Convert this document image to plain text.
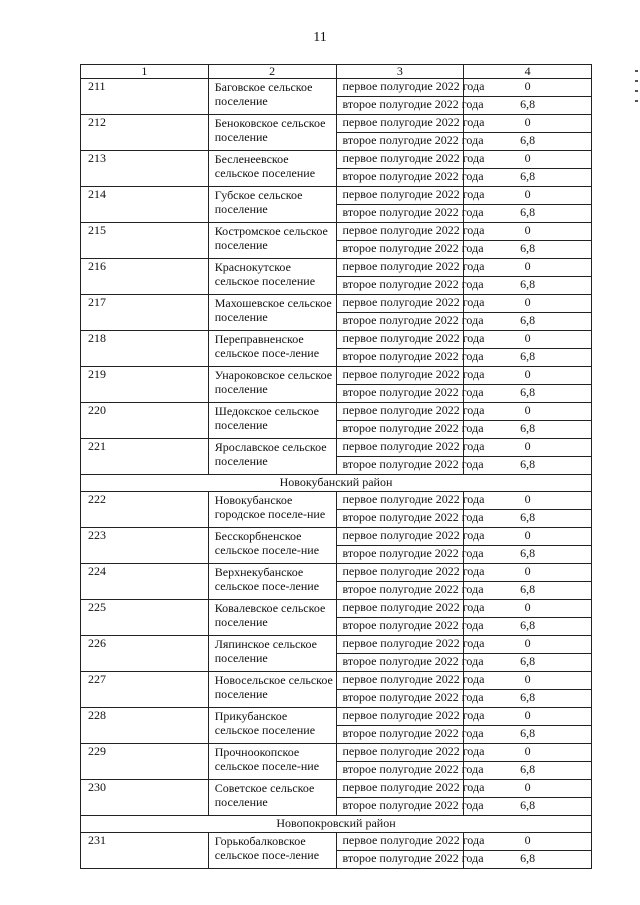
11
1	2	3	4
211	Баговское сельское поселение	первое полугодие 2022 года	0
		второе полугодие 2022 года	6,8
212	Беноковское сельское поселение	первое полугодие 2022 года	0
		второе полугодие 2022 года	6,8
213	Бесленеевское сельское поселение	первое полугодие 2022 года	0
		второе полугодие 2022 года	6,8
214	Губское сельское поселение	первое полугодие 2022 года	0
		второе полугодие 2022 года	6,8
215	Костромское сельское поселение	первое полугодие 2022 года	0
		второе полугодие 2022 года	6,8
216	Краснокутское сельское поселение	первое полугодие 2022 года	0
		второе полугодие 2022 года	6,8
217	Махошевское сельское поселение	первое полугодие 2022 года	0
		второе полугодие 2022 года	6,8
218	Переправненское сельское посе-ление	первое полугодие 2022 года	0
		второе полугодие 2022 года	6,8
219	Унароковское сельское поселение	первое полугодие 2022 года	0
		второе полугодие 2022 года	6,8
220	Шедокское сельское поселение	первое полугодие 2022 года	0
		второе полугодие 2022 года	6,8
221	Ярославское сельское поселение	первое полугодие 2022 года	0
		второе полугодие 2022 года	6,8
Новокубанский район			
222	Новокубанское городское поселе-ние	первое полугодие 2022 года	0
		второе полугодие 2022 года	6,8
223	Бесскорбненское сельское поселе-ние	первое полугодие 2022 года	0
		второе полугодие 2022 года	6,8
224	Верхнекубанское сельское посе-ление	первое полугодие 2022 года	0
		второе полугодие 2022 года	6,8
225	Ковалевское сельское поселение	первое полугодие 2022 года	0
		второе полугодие 2022 года	6,8
226	Ляпинское сельское поселение	первое полугодие 2022 года	0
		второе полугодие 2022 года	6,8
227	Новосельское сельское поселение	первое полугодие 2022 года	0
		второе полугодие 2022 года	6,8
228	Прикубанское сельское поселение	первое полугодие 2022 года	0
		второе полугодие 2022 года	6,8
229	Прочноокопское сельское поселе-ние	первое полугодие 2022 года	0
		второе полугодие 2022 года	6,8
230	Советское сельское поселение	первое полугодие 2022 года	0
		второе полугодие 2022 года	6,8
Новопокровский район			
231	Горькобалковское сельское посе-ление	первое полугодие 2022 года	0
		второе полугодие 2022 года	6,8
